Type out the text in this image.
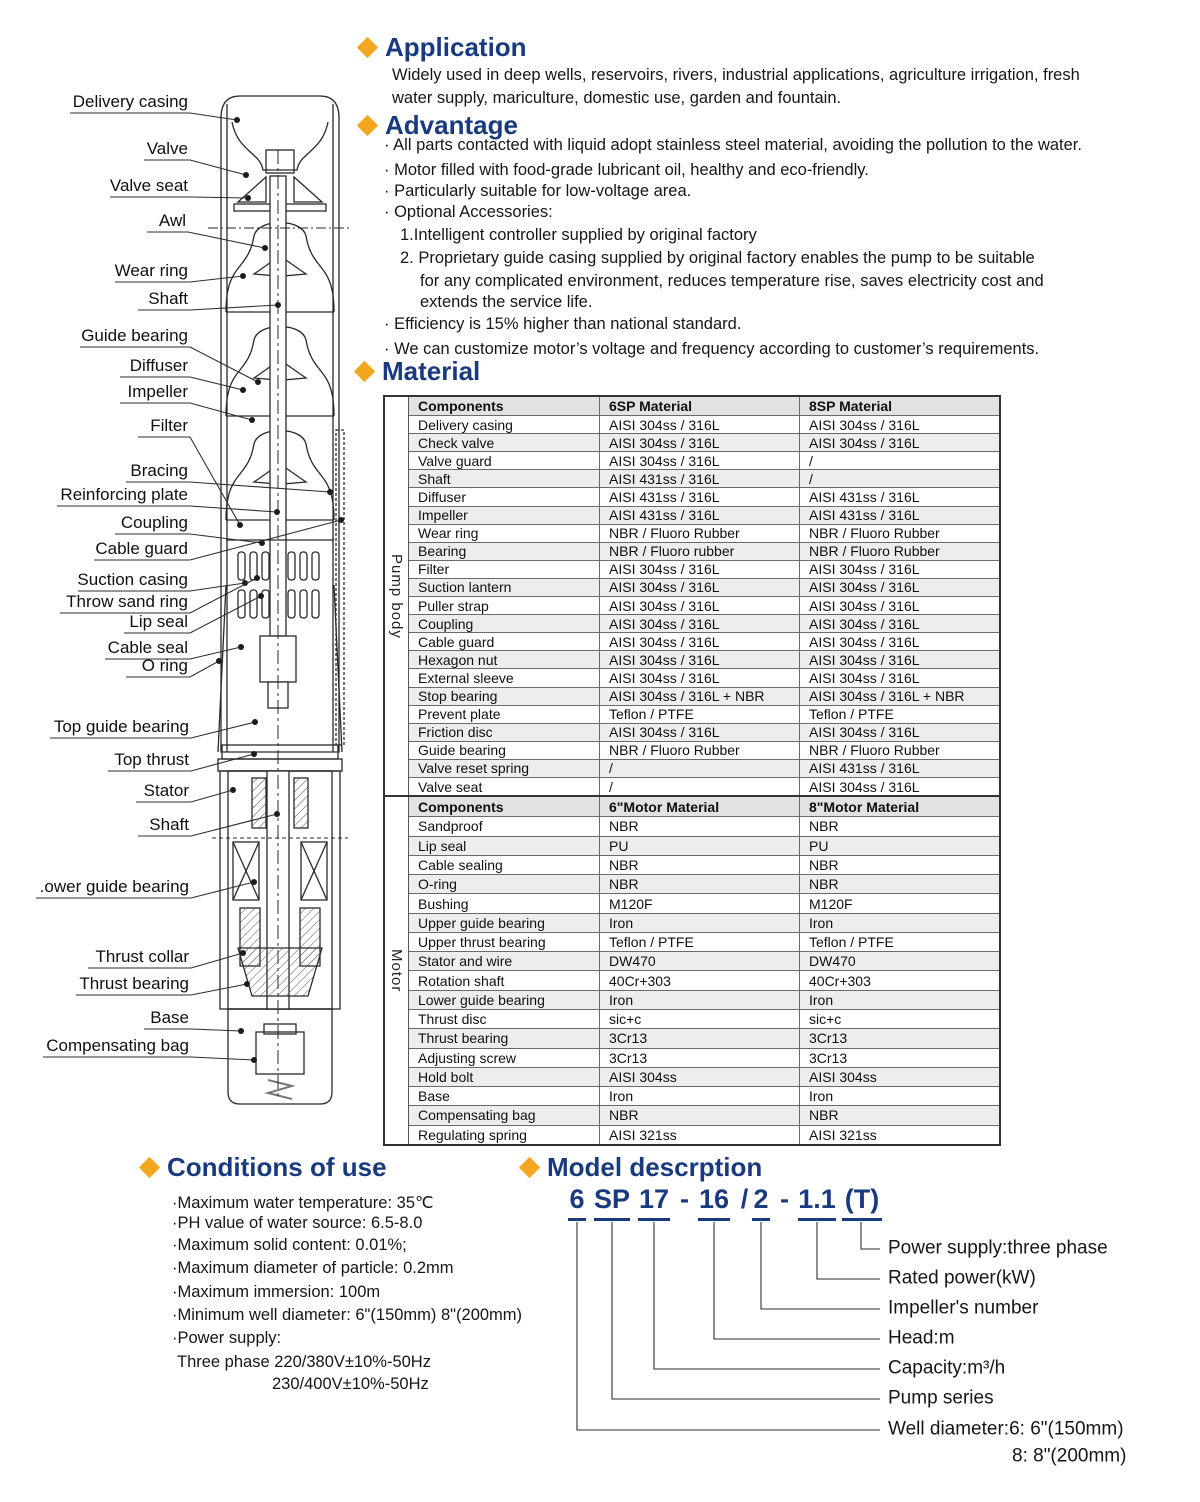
Delivery casing
Valve
Valve seat
Awl
Wear ring
Shaft
Guide bearing
Diffuser
Impeller
Filter
Bracing
Reinforcing plate
Coupling
Cable guard
Suction casing
Throw sand ring
Lip seal
Cable seal
O ring
Top guide bearing
Top thrust
Stator
Shaft
.ower guide bearing
Thrust collar
Thrust bearing
Base
Compensating bag
Application
Widely used in deep wells, reservoirs, rivers, industrial applications, agriculture irrigation, fresh
water supply, mariculture, domestic use, garden and fountain.
Advantage
· All parts contacted with liquid adopt stainless steel material, avoiding the pollution to the water.
· Motor filled with food-grade lubricant oil, healthy and eco-friendly.
· Particularly suitable for low-voltage area.
· Optional Accessories:
1.Intelligent controller supplied by original factory
2. Proprietary guide casing supplied by original factory enables the pump to be suitable
for any complicated environment, reduces temperature rise, saves electricity cost and
extends the service life.
· Efficiency is 15% higher than national standard.
· We can customize motor’s voltage and frequency according to customer’s requirements.
Material
Pump body
Components	6SP Material	8SP Material
Delivery casing	AISI 304ss / 316L	AISI 304ss / 316L
Check valve	AISI 304ss / 316L	AISI 304ss / 316L
Valve guard	AISI 304ss / 316L	/
Shaft	AISI 431ss / 316L	/
Diffuser	AISI 431ss / 316L	AISI 431ss / 316L
Impeller	AISI 431ss / 316L	AISI 431ss / 316L
Wear ring	NBR / Fluoro Rubber	NBR / Fluoro Rubber
Bearing	NBR / Fluoro rubber	NBR / Fluoro Rubber
Filter	AISI 304ss / 316L	AISI 304ss / 316L
Suction lantern	AISI 304ss / 316L	AISI 304ss / 316L
Puller strap	AISI 304ss / 316L	AISI 304ss / 316L
Coupling	AISI 304ss / 316L	AISI 304ss / 316L
Cable guard	AISI 304ss / 316L	AISI 304ss / 316L
Hexagon nut	AISI 304ss / 316L	AISI 304ss / 316L
External sleeve	AISI 304ss / 316L	AISI 304ss / 316L
Stop bearing	AISI 304ss / 316L + NBR	AISI 304ss / 316L + NBR
Prevent plate	Teflon / PTFE	Teflon / PTFE
Friction disc	AISI 304ss / 316L	AISI 304ss / 316L
Guide bearing	NBR / Fluoro Rubber	NBR / Fluoro Rubber
Valve reset spring	/	AISI 431ss / 316L
Valve seat	/	AISI 304ss / 316L
Motor
Components	6"Motor Material	8"Motor Material
Sandproof	NBR	NBR
Lip seal	PU	PU
Cable sealing	NBR	NBR
O-ring	NBR	NBR
Bushing	M120F	M120F
Upper guide bearing	Iron	Iron
Upper thrust bearing	Teflon / PTFE	Teflon / PTFE
Stator and wire	DW470	DW470
Rotation shaft	40Cr+303	40Cr+303
Lower guide bearing	Iron	Iron
Thrust disc	sic+c	sic+c
Thrust bearing	3Cr13	3Cr13
Adjusting screw	3Cr13	3Cr13
Hold bolt	AISI 304ss	AISI 304ss
Base	Iron	Iron
Compensating bag	NBR	NBR
Regulating spring	AISI 321ss	AISI 321ss
Conditions of use
·Maximum water temperature: 35℃
·PH value of water source: 6.5-8.0
·Maximum solid content: 0.01%;
·Maximum diameter of particle: 0.2mm
·Maximum immersion: 100m
·Minimum well diameter: 6"(150mm) 8"(200mm)
·Power supply:
Three phase 220/380V±10%-50Hz
230/400V±10%-50Hz
Model descrption
6 SP 17 - 16 / 2 - 1.1 (T)
Power supply:three phase
Rated power(kW)
Impeller's number
Head:m
Capacity:m³/h
Pump series
Well diameter:6: 6"(150mm)
8: 8"(200mm)
